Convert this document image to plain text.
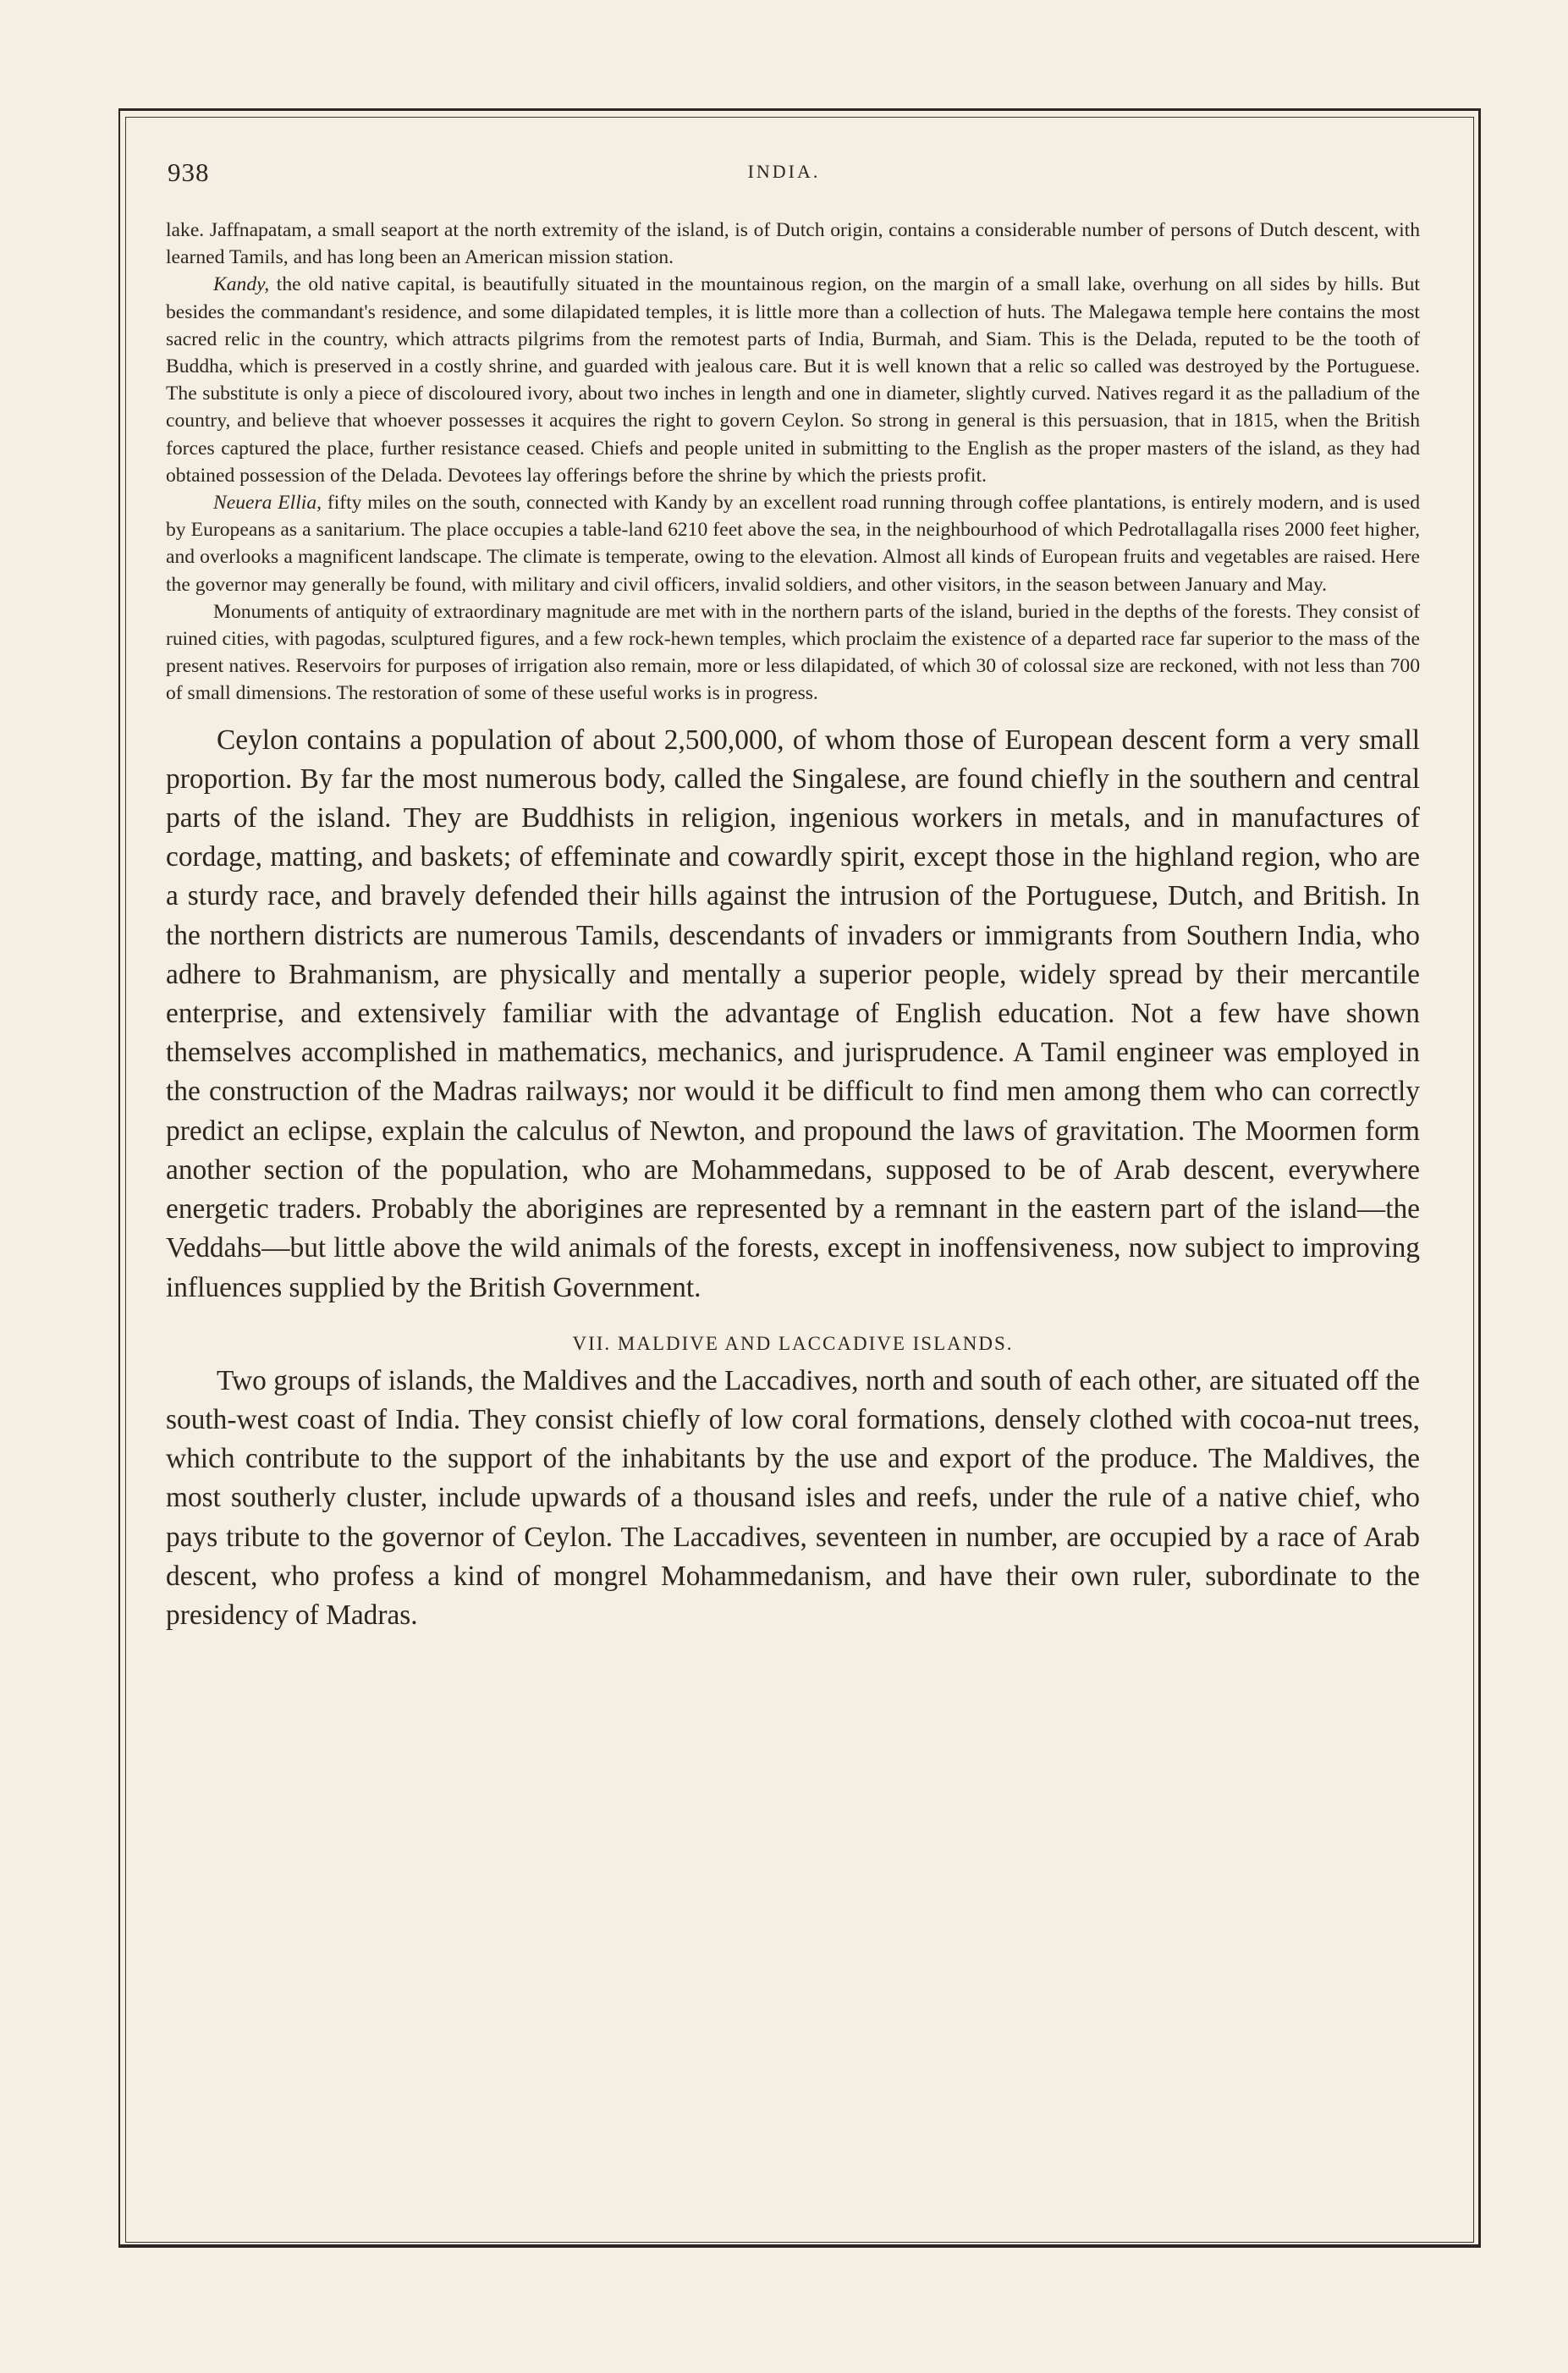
938	INDIA.

lake. Jaffnapatam, a small seaport at the north extremity of the island, is of Dutch origin, contains a considerable number of persons of Dutch descent, with learned Tamils, and has long been an American mission station.

Kandy, the old native capital, is beautifully situated in the mountainous region, on the margin of a small lake, overhung on all sides by hills. But besides the commandant's residence, and some dilapidated temples, it is little more than a collection of huts. The Malegawa temple here contains the most sacred relic in the country, which attracts pilgrims from the remotest parts of India, Burmah, and Siam. This is the Delada, reputed to be the tooth of Buddha, which is preserved in a costly shrine, and guarded with jealous care. But it is well known that a relic so called was destroyed by the Portuguese. The substitute is only a piece of discoloured ivory, about two inches in length and one in diameter, slightly curved. Natives regard it as the palladium of the country, and believe that whoever possesses it acquires the right to govern Ceylon. So strong in general is this persuasion, that in 1815, when the British forces captured the place, further resistance ceased. Chiefs and people united in submitting to the English as the proper masters of the island, as they had obtained possession of the Delada. Devotees lay offerings before the shrine by which the priests profit.

Neuera Ellia, fifty miles on the south, connected with Kandy by an excellent road running through coffee plantations, is entirely modern, and is used by Europeans as a sanitarium. The place occupies a table-land 6210 feet above the sea, in the neighbourhood of which Pedrotallagalla rises 2000 feet higher, and overlooks a magnificent landscape. The climate is temperate, owing to the elevation. Almost all kinds of European fruits and vegetables are raised. Here the governor may generally be found, with military and civil officers, invalid soldiers, and other visitors, in the season between January and May.

Monuments of antiquity of extraordinary magnitude are met with in the northern parts of the island, buried in the depths of the forests. They consist of ruined cities, with pagodas, sculptured figures, and a few rock-hewn temples, which proclaim the existence of a departed race far superior to the mass of the present natives. Reservoirs for purposes of irrigation also remain, more or less dilapidated, of which 30 of colossal size are reckoned, with not less than 700 of small dimensions. The restoration of some of these useful works is in progress.

Ceylon contains a population of about 2,500,000, of whom those of European descent form a very small proportion. By far the most numerous body, called the Singalese, are found chiefly in the southern and central parts of the island. They are Buddhists in religion, ingenious workers in metals, and in manufactures of cordage, matting, and baskets; of effeminate and cowardly spirit, except those in the highland region, who are a sturdy race, and bravely defended their hills against the intrusion of the Portuguese, Dutch, and British. In the northern districts are numerous Tamils, descendants of invaders or immigrants from Southern India, who adhere to Brahmanism, are physically and mentally a superior people, widely spread by their mercantile enterprise, and extensively familiar with the advantage of English education. Not a few have shown themselves accomplished in mathematics, mechanics, and jurisprudence. A Tamil engineer was employed in the construction of the Madras railways; nor would it be difficult to find men among them who can correctly predict an eclipse, explain the calculus of Newton, and propound the laws of gravitation. The Moormen form another section of the population, who are Mohammedans, supposed to be of Arab descent, everywhere energetic traders. Probably the aborigines are represented by a remnant in the eastern part of the island—the Veddahs—but little above the wild animals of the forests, except in inoffensiveness, now subject to improving influences supplied by the British Government.

VII. MALDIVE AND LACCADIVE ISLANDS.

Two groups of islands, the Maldives and the Laccadives, north and south of each other, are situated off the south-west coast of India. They consist chiefly of low coral formations, densely clothed with cocoa-nut trees, which contribute to the support of the inhabitants by the use and export of the produce. The Maldives, the most southerly cluster, include upwards of a thousand isles and reefs, under the rule of a native chief, who pays tribute to the governor of Ceylon. The Laccadives, seventeen in number, are occupied by a race of Arab descent, who profess a kind of mongrel Mohammedanism, and have their own ruler, subordinate to the presidency of Madras.
